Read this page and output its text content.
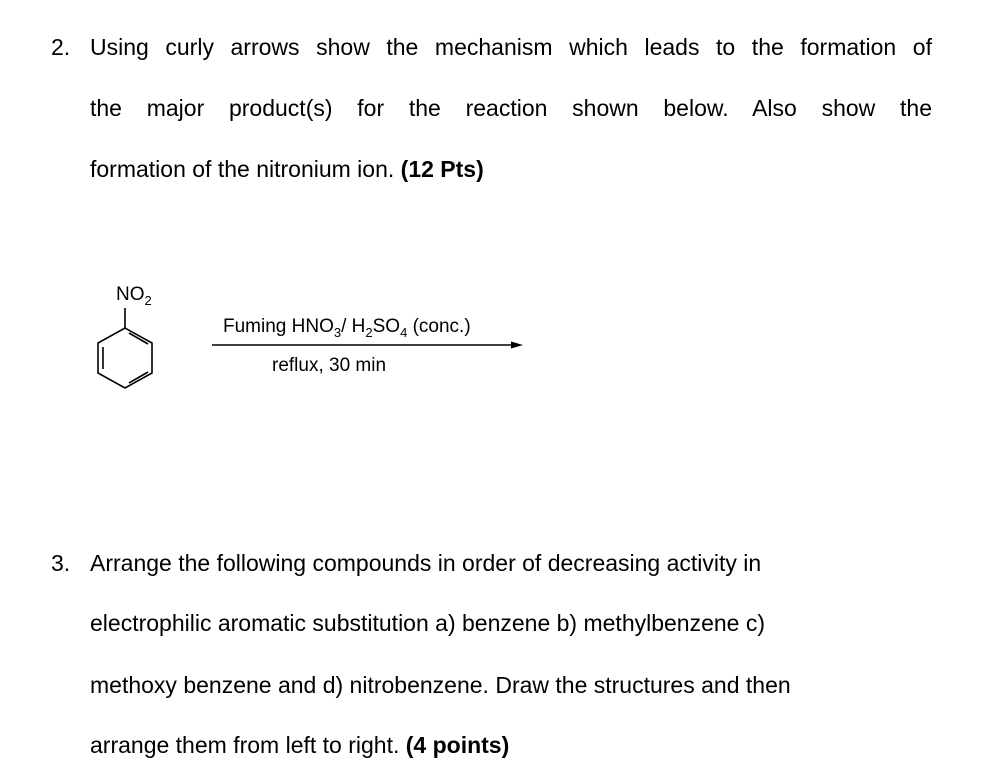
2. Using curly arrows show the mechanism which leads to the formation of

the major product(s) for the reaction shown below. Also show the

formation of the nitronium ion. (12 Pts)

$NO_2$
Fuming $HNO_3/$ $H_2SO_4$ (conc.)
reflux, 30 min
3. Arrange the following compounds in order of decreasing activity in

electrophilic aromatic substitution a) benzene b) methylbenzene c)

methoxy benzene and d) nitrobenzene. Draw the structures and then

arrange them from left to right. (4 points)
